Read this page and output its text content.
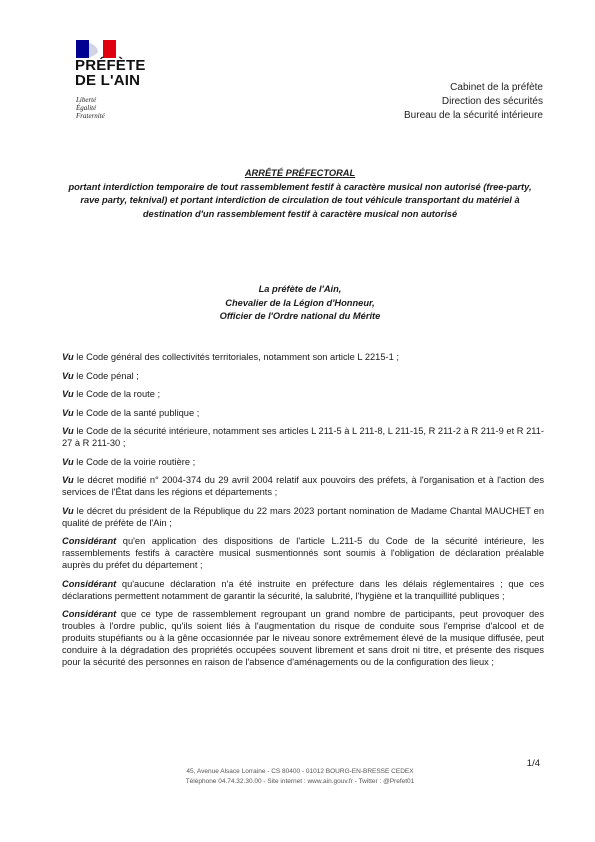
PRÉFÈTE
DE L'AIN
Liberté
Égalité
Fraternité
Cabinet de la préfète
Direction des sécurités
Bureau de la sécurité intérieure
ARRÊTÉ PRÉFECTORAL
portant interdiction temporaire de tout rassemblement festif à caractère musical non autorisé (free-party, rave party, teknival) et portant interdiction de circulation de tout véhicule transportant du matériel à destination d'un rassemblement festif à caractère musical non autorisé
La préfète de l'Ain,
Chevalier de la Légion d'Honneur,
Officier de l'Ordre national du Mérite

Vu le Code général des collectivités territoriales, notamment son article L 2215-1 ;

Vu le Code pénal ;

Vu le Code de la route ;

Vu le Code de la santé publique ;

Vu le Code de la sécurité intérieure, notamment ses articles L 211-5 à L 211-8, L 211-15, R 211-2 à R 211-9 et R 211-27 à R 211-30 ;

Vu le Code de la voirie routière ;

Vu le décret modifié n° 2004-374 du 29 avril 2004 relatif aux pouvoirs des préfets, à l'organisation et à l'action des services de l'État dans les régions et départements ;

Vu le décret du président de la République du 22 mars 2023 portant nomination de Madame Chantal MAUCHET en qualité de préfète de l'Ain ;

Considérant qu'en application des dispositions de l'article L.211-5 du Code de la sécurité intérieure, les rassemblements festifs à caractère musical susmentionnés sont soumis à l'obligation de déclaration préalable auprès du préfet du département ;

Considérant qu'aucune déclaration n'a été instruite en préfecture dans les délais réglementaires ; que ces déclarations permettent notamment de garantir la sécurité, la salubrité, l'hygiène et la tranquillité publiques ;

Considérant que ce type de rassemblement regroupant un grand nombre de participants, peut provoquer des troubles à l'ordre public, qu'ils soient liés à l'augmentation du risque de conduite sous l'emprise d'alcool et de produits stupéfiants ou à la gêne occasionnée par le niveau sonore extrêmement élevé de la musique diffusée, peut conduire à la dégradation des propriétés occupées souvent librement et sans droit ni titre, et présente des risques pour la sécurité des personnes en raison de l'absence d'aménagements ou de la configuration des lieux ;

1/4
45, Avenue Alsace Lorraine - CS 80400 - 01012 BOURG-EN-BRESSE CEDEX
Téléphone 04.74.32.30.00 - Site internet : www.ain.gouv.fr - Twitter : @Prefet01
